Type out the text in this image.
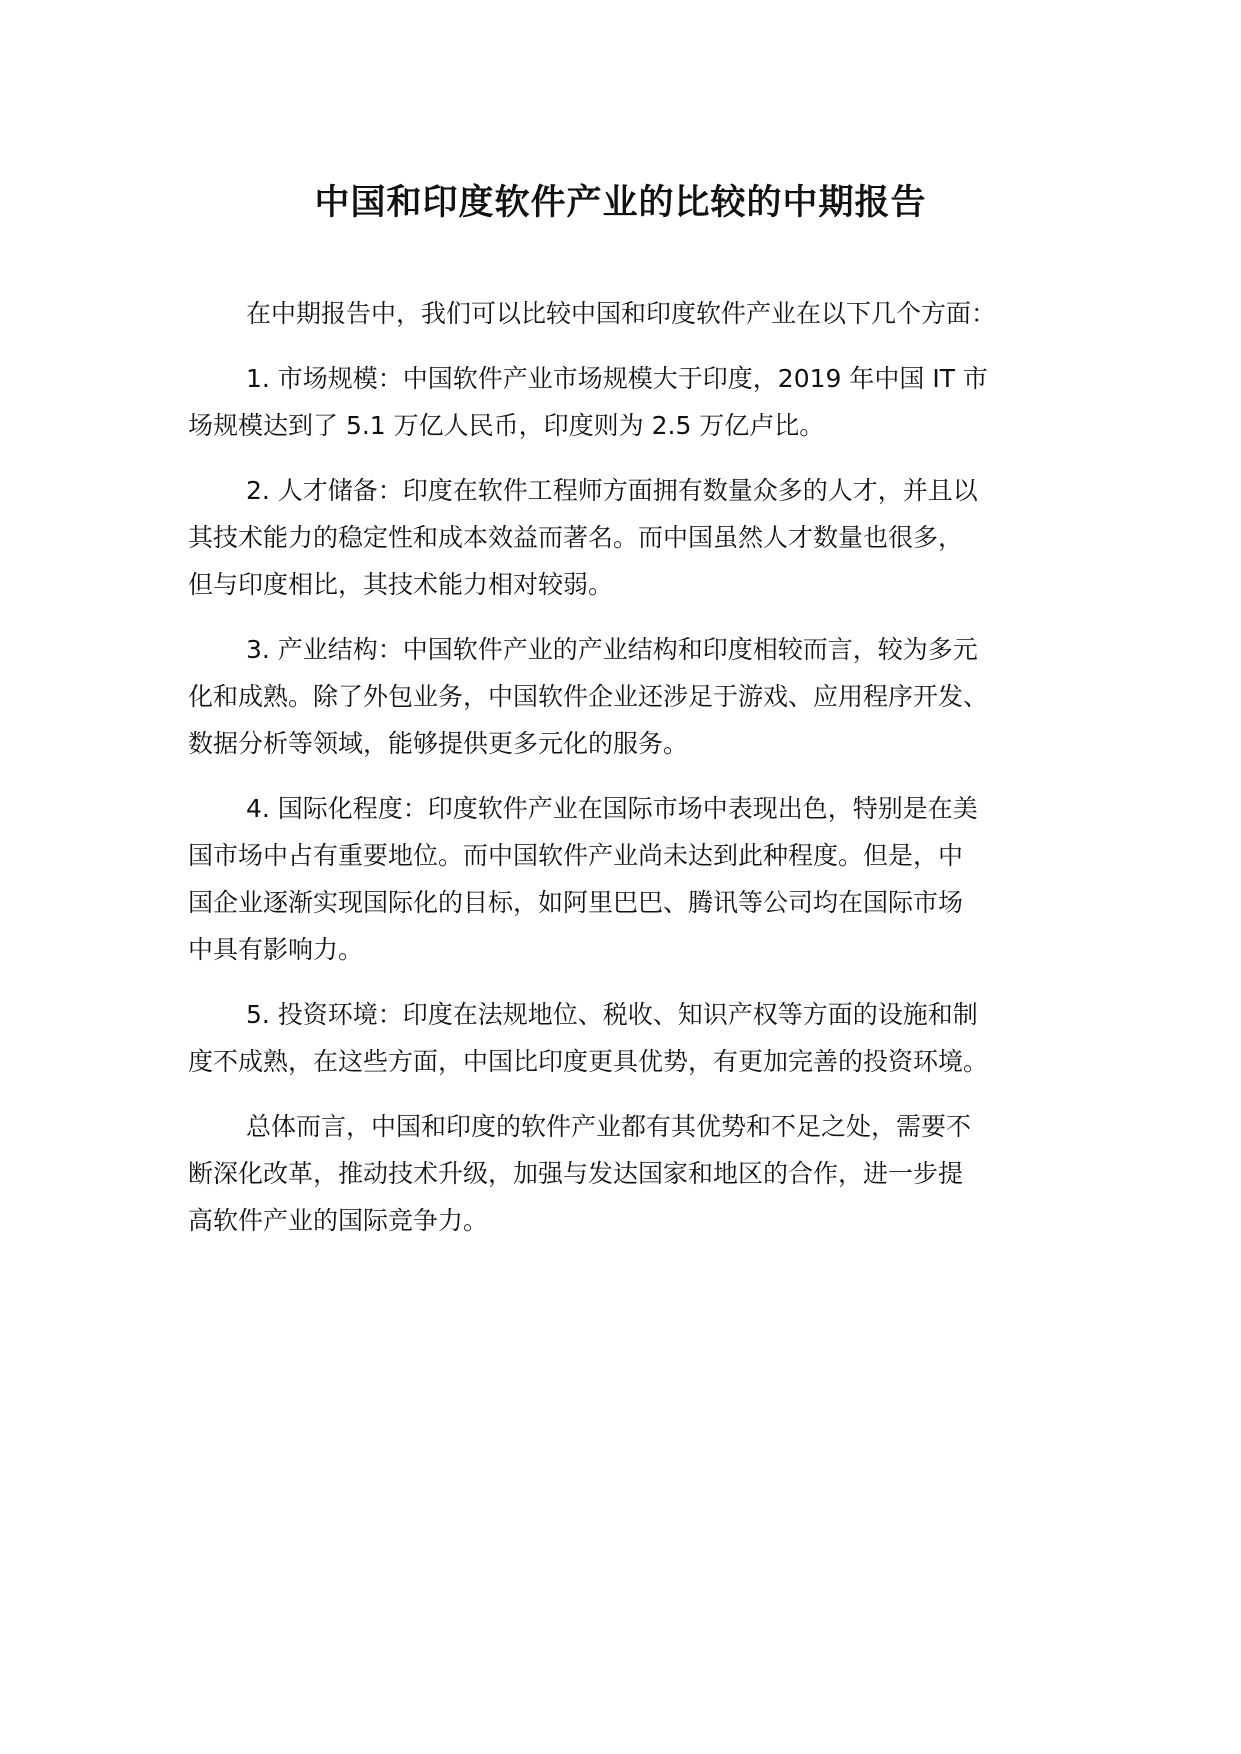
中国和印度软件产业的比较的中期报告

在中期报告中，我们可以比较中国和印度软件产业在以下几个方面：

1. 市场规模：中国软件产业市场规模大于印度，2019 年中国 IT 市
场规模达到了 5.1 万亿人民币，印度则为 2.5 万亿卢比。

2. 人才储备：印度在软件工程师方面拥有数量众多的人才，并且以
其技术能力的稳定性和成本效益而著名。而中国虽然人才数量也很多，
但与印度相比，其技术能力相对较弱。

3. 产业结构：中国软件产业的产业结构和印度相较而言，较为多元
化和成熟。除了外包业务，中国软件企业还涉足于游戏、应用程序开发、
数据分析等领域，能够提供更多元化的服务。

4. 国际化程度：印度软件产业在国际市场中表现出色，特别是在美
国市场中占有重要地位。而中国软件产业尚未达到此种程度。但是，中
国企业逐渐实现国际化的目标，如阿里巴巴、腾讯等公司均在国际市场
中具有影响力。

5. 投资环境：印度在法规地位、税收、知识产权等方面的设施和制
度不成熟，在这些方面，中国比印度更具优势，有更加完善的投资环境。

总体而言，中国和印度的软件产业都有其优势和不足之处，需要不
断深化改革，推动技术升级，加强与发达国家和地区的合作，进一步提
高软件产业的国际竞争力。
